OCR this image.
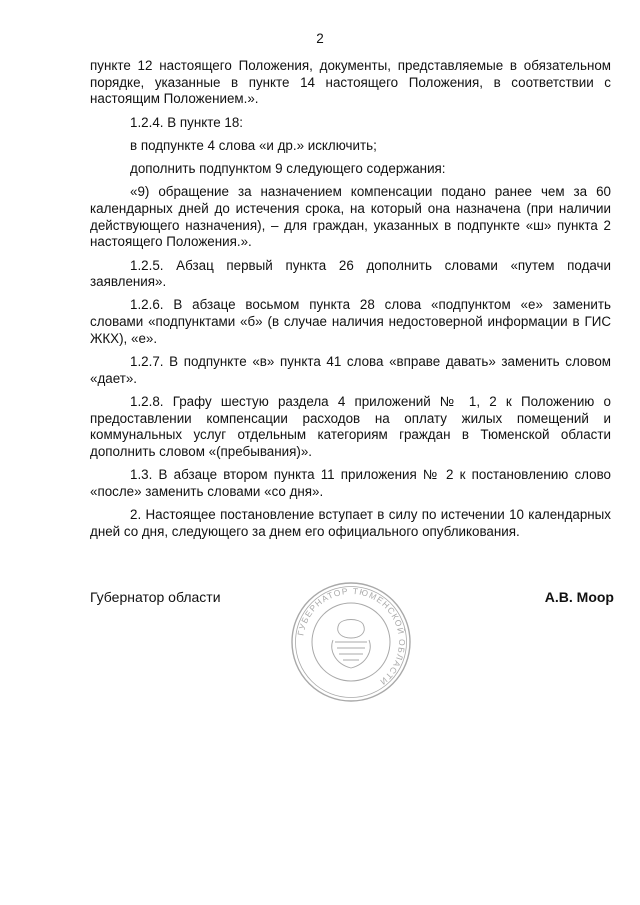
2

пункте 12 настоящего Положения, документы, представляемые в обязательном порядке, указанные в пункте 14 настоящего Положения, в соответствии с настоящим Положением.».

1.2.4. В пункте 18:

в подпункте 4 слова «и др.» исключить;

дополнить подпунктом 9 следующего содержания:

«9) обращение за назначением компенсации подано ранее чем за 60 календарных дней до истечения срока, на который она назначена (при наличии действующего назначения), – для граждан, указанных в подпункте «ш» пункта 2 настоящего Положения.».

1.2.5. Абзац первый пункта 26 дополнить словами «путем подачи заявления».

1.2.6. В абзаце восьмом пункта 28 слова «подпунктом «е» заменить словами «подпунктами «б» (в случае наличия недостоверной информации в ГИС ЖКХ), «е».

1.2.7. В подпункте «в» пункта 41 слова «вправе давать» заменить словом «дает».

1.2.8. Графу шестую раздела 4 приложений № 1, 2 к Положению о предоставлении компенсации расходов на оплату жилых помещений и коммунальных услуг отдельным категориям граждан в Тюменской области дополнить словом «(пребывания)».

1.3. В абзаце втором пункта 11 приложения № 2 к постановлению слово «после» заменить словами «со дня».

2. Настоящее постановление вступает в силу по истечении 10 календарных дней со дня, следующего за днем его официального опубликования.

Губернатор области	А.В. Моор
ГУБЕРНАТОР ТЮМЕНСКОЙ ОБЛАСТИ
